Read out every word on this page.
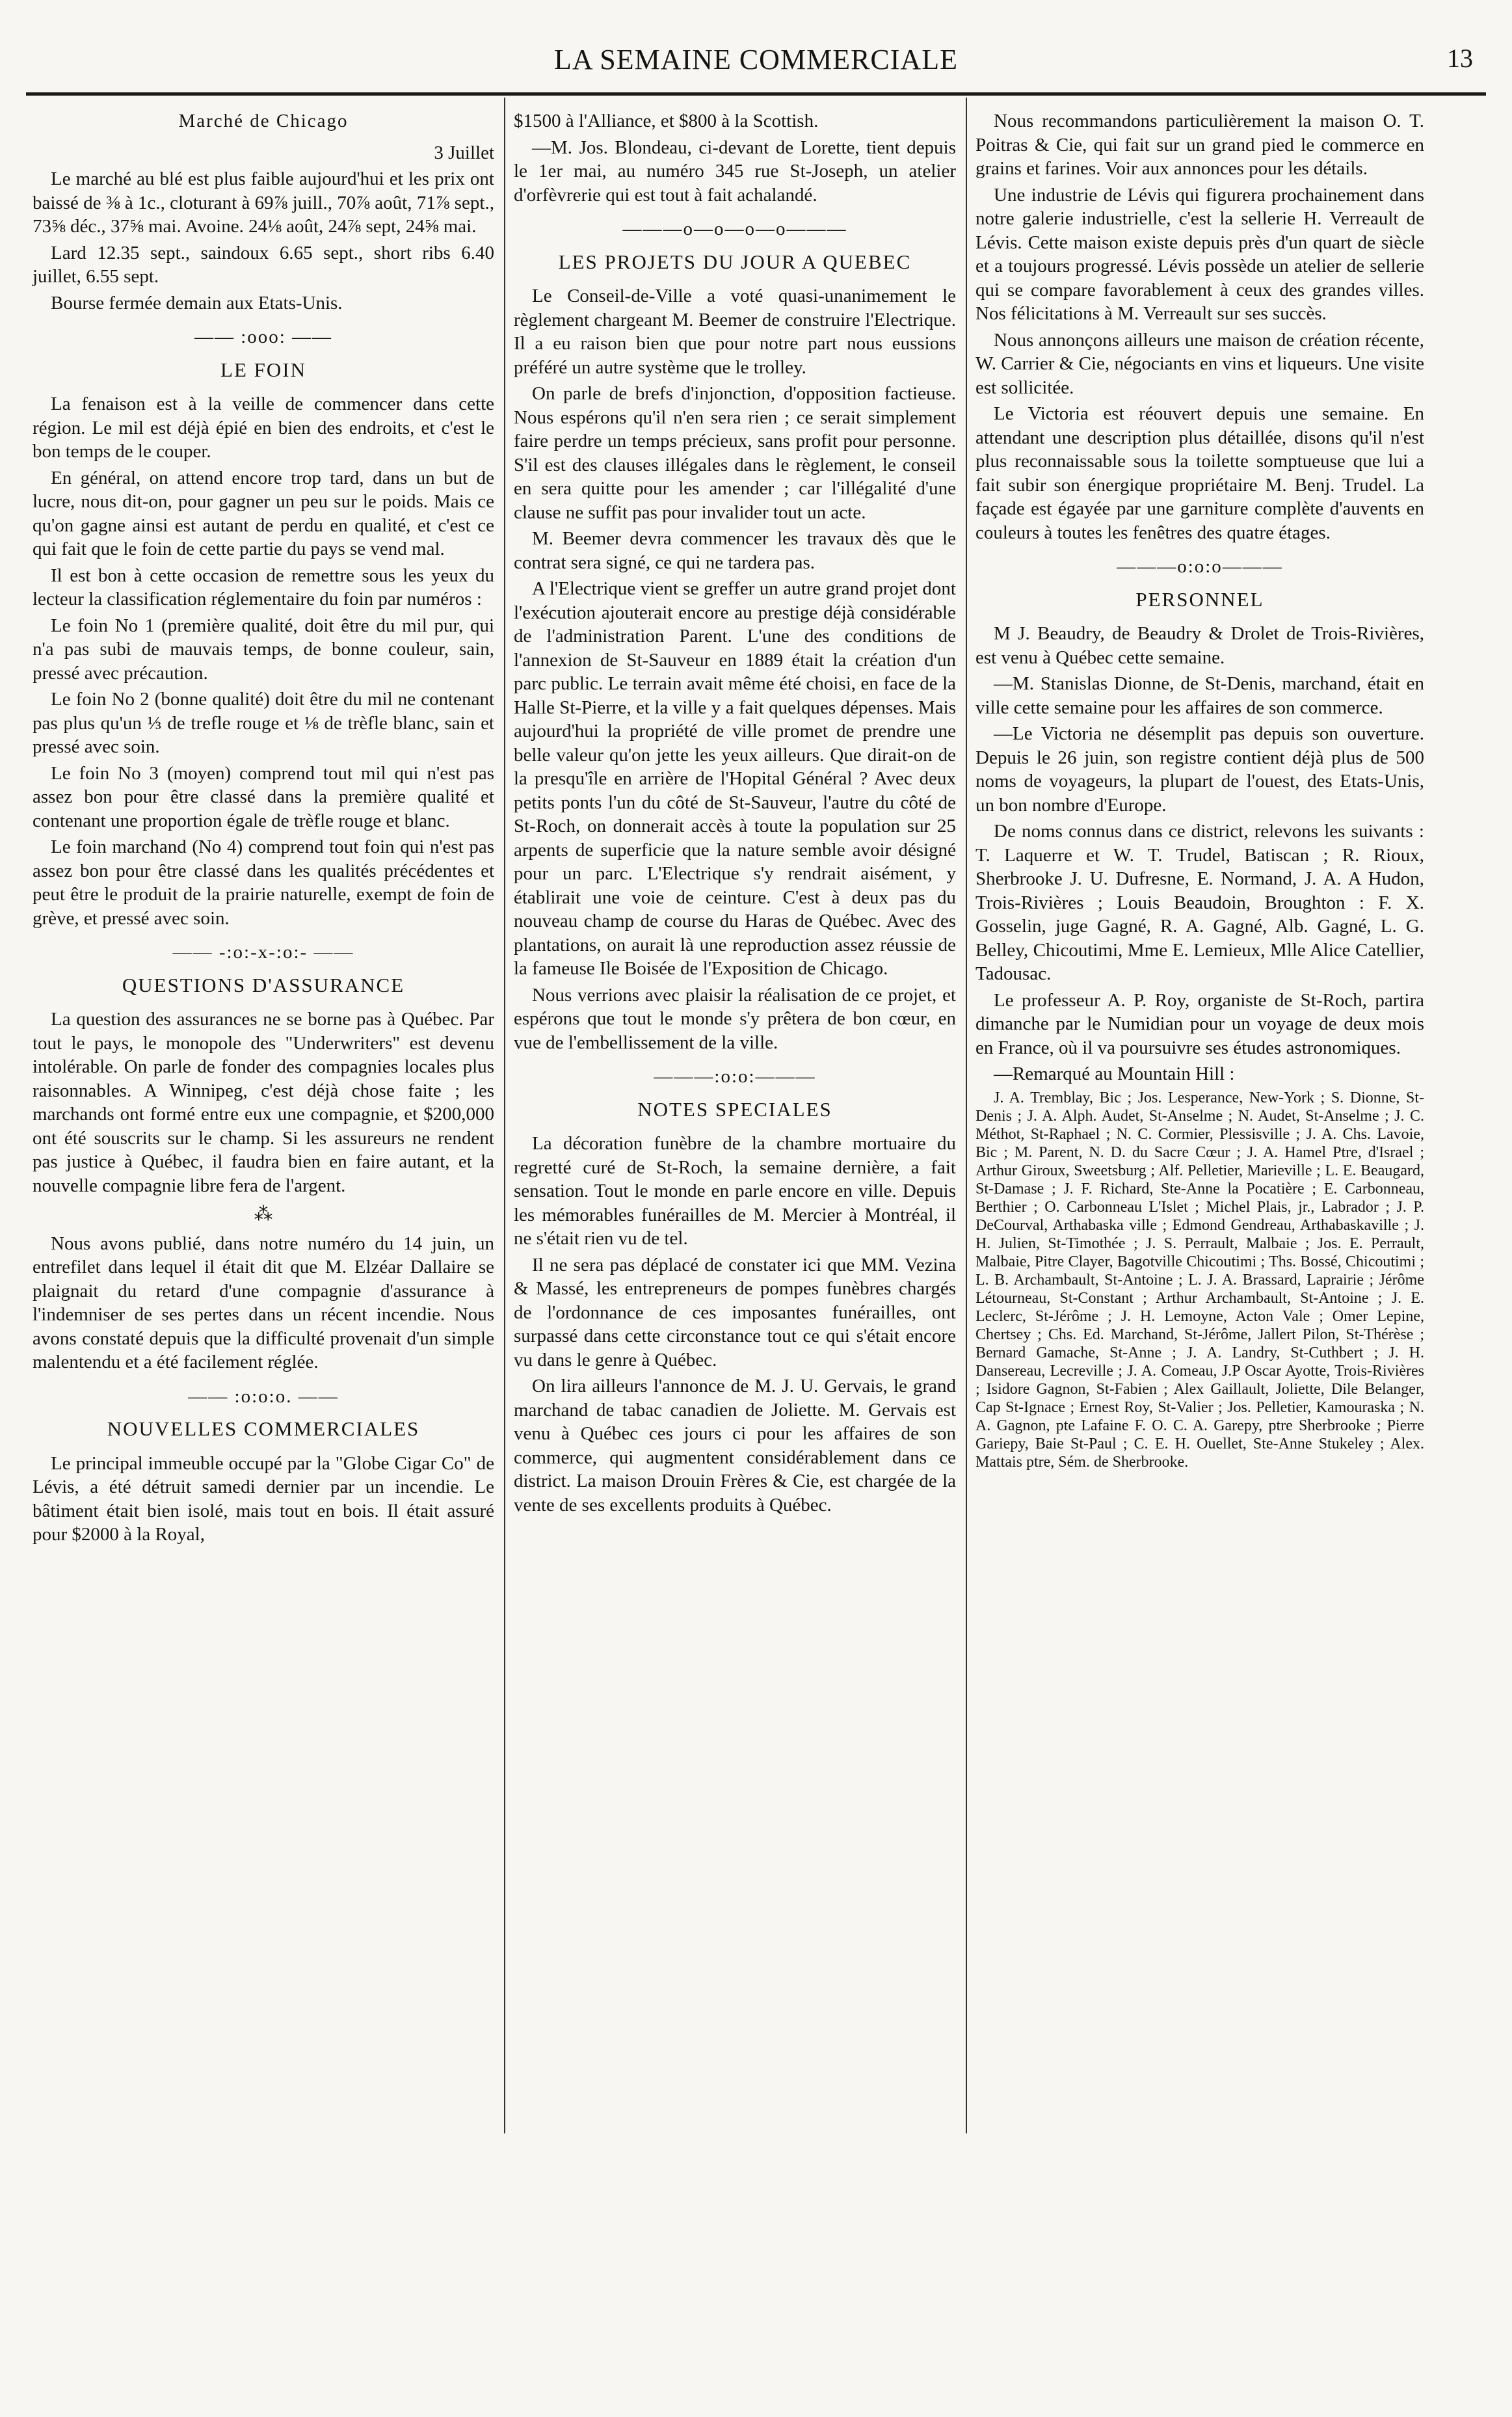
LA SEMAINE COMMERCIALE	13

Marché de Chicago

3 Juillet

Le marché au blé est plus faible aujourd'hui et les prix ont baissé de ⅜ à 1c., cloturant à 69⅞ juill., 70⅞ août, 71⅞ sept., 73⅝ déc., 37⅝ mai. Avoine. 24⅛ août, 24⅞ sept, 24⅝ mai.

Lard 12.35 sept., saindoux 6.65 sept., short ribs 6.40 juillet, 6.55 sept.

Bourse fermée demain aux Etats-Unis.

—— :ooo: ——

LE FOIN

La fenaison est à la veille de commencer dans cette région. Le mil est déjà épié en bien des endroits, et c'est le bon temps de le couper.

En général, on attend encore trop tard, dans un but de lucre, nous dit-on, pour gagner un peu sur le poids. Mais ce qu'on gagne ainsi est autant de perdu en qualité, et c'est ce qui fait que le foin de cette partie du pays se vend mal.

Il est bon à cette occasion de remettre sous les yeux du lecteur la classification réglementaire du foin par numéros :

Le foin No 1 (première qualité, doit être du mil pur, qui n'a pas subi de mauvais temps, de bonne couleur, sain, pressé avec précaution.

Le foin No 2 (bonne qualité) doit être du mil ne contenant pas plus qu'un ⅓ de trefle rouge et ⅛ de trèfle blanc, sain et pressé avec soin.

Le foin No 3 (moyen) comprend tout mil qui n'est pas assez bon pour être classé dans la première qualité et contenant une proportion égale de trèfle rouge et blanc.

Le foin marchand (No 4) comprend tout foin qui n'est pas assez bon pour être classé dans les qualités précédentes et peut être le produit de la prairie naturelle, exempt de foin de grève, et pressé avec soin.

—— -:o:-x-:o:- ——

QUESTIONS D'ASSURANCE

La question des assurances ne se borne pas à Québec. Par tout le pays, le monopole des "Underwriters" est devenu intolérable. On parle de fonder des compagnies locales plus raisonnables. A Winnipeg, c'est déjà chose faite ; les marchands ont formé entre eux une compagnie, et $200,000 ont été souscrits sur le champ. Si les assureurs ne rendent pas justice à Québec, il faudra bien en faire autant, et la nouvelle compagnie libre fera de l'argent.

⁂

Nous avons publié, dans notre numéro du 14 juin, un entrefilet dans lequel il était dit que M. Elzéar Dallaire se plaignait du retard d'une compagnie d'assurance à l'indemniser de ses pertes dans un récent incendie. Nous avons constaté depuis que la difficulté provenait d'un simple malentendu et a été facilement réglée.

—— :o:o:o. ——

NOUVELLES COMMERCIALES

Le principal immeuble occupé par la "Globe Cigar Co" de Lévis, a été détruit samedi dernier par un incendie. Le bâtiment était bien isolé, mais tout en bois. Il était assuré pour $2000 à la Royal,

$1500 à l'Alliance, et $800 à la Scottish.

—M. Jos. Blondeau, ci-devant de Lorette, tient depuis le 1er mai, au numéro 345 rue St-Joseph, un atelier d'orfèvrerie qui est tout à fait achalandé.

———o—o—o—o———

LES PROJETS DU JOUR A QUEBEC

Le Conseil-de-Ville a voté quasi-unanimement le règlement chargeant M. Beemer de construire l'Electrique. Il a eu raison bien que pour notre part nous eussions préféré un autre système que le trolley.

On parle de brefs d'injonction, d'opposition factieuse. Nous espérons qu'il n'en sera rien ; ce serait simplement faire perdre un temps précieux, sans profit pour personne. S'il est des clauses illégales dans le règlement, le conseil en sera quitte pour les amender ; car l'illégalité d'une clause ne suffit pas pour invalider tout un acte.

M. Beemer devra commencer les travaux dès que le contrat sera signé, ce qui ne tardera pas.

A l'Electrique vient se greffer un autre grand projet dont l'exécution ajouterait encore au prestige déjà considérable de l'administration Parent. L'une des conditions de l'annexion de St-Sauveur en 1889 était la création d'un parc public. Le terrain avait même été choisi, en face de la Halle St-Pierre, et la ville y a fait quelques dépenses. Mais aujourd'hui la propriété de ville promet de prendre une belle valeur qu'on jette les yeux ailleurs. Que dirait-on de la presqu'île en arrière de l'Hopital Général ? Avec deux petits ponts l'un du côté de St-Sauveur, l'autre du côté de St-Roch, on donnerait accès à toute la population sur 25 arpents de superficie que la nature semble avoir désigné pour un parc. L'Electrique s'y rendrait aisément, y établirait une voie de ceinture. C'est à deux pas du nouveau champ de course du Haras de Québec. Avec des plantations, on aurait là une reproduction assez réussie de la fameuse Ile Boisée de l'Exposition de Chicago.

Nous verrions avec plaisir la réalisation de ce projet, et espérons que tout le monde s'y prêtera de bon cœur, en vue de l'embellissement de la ville.

———:o:o:———

NOTES SPECIALES

La décoration funèbre de la chambre mortuaire du regretté curé de St-Roch, la semaine dernière, a fait sensation. Tout le monde en parle encore en ville. Depuis les mémorables funérailles de M. Mercier à Montréal, il ne s'était rien vu de tel.

Il ne sera pas déplacé de constater ici que MM. Vezina & Massé, les entrepreneurs de pompes funèbres chargés de l'ordonnance de ces imposantes funérailles, ont surpassé dans cette circonstance tout ce qui s'était encore vu dans le genre à Québec.

On lira ailleurs l'annonce de M. J. U. Gervais, le grand marchand de tabac canadien de Joliette. M. Gervais est venu à Québec ces jours ci pour les affaires de son commerce, qui augmentent considérablement dans ce district. La maison Drouin Frères & Cie, est chargée de la vente de ses excellents produits à Québec.

Nous recommandons particulièrement la maison O. T. Poitras & Cie, qui fait sur un grand pied le commerce en grains et farines. Voir aux annonces pour les détails.

Une industrie de Lévis qui figurera prochainement dans notre galerie industrielle, c'est la sellerie H. Verreault de Lévis. Cette maison existe depuis près d'un quart de siècle et a toujours progressé. Lévis possède un atelier de sellerie qui se compare favorablement à ceux des grandes villes. Nos félicitations à M. Verreault sur ses succès.

Nous annonçons ailleurs une maison de création récente, W. Carrier & Cie, négociants en vins et liqueurs. Une visite est sollicitée.

Le Victoria est réouvert depuis une semaine. En attendant une description plus détaillée, disons qu'il n'est plus reconnaissable sous la toilette somptueuse que lui a fait subir son énergique propriétaire M. Benj. Trudel. La façade est égayée par une garniture complète d'auvents en couleurs à toutes les fenêtres des quatre étages.

———o:o:o———

PERSONNEL

M J. Beaudry, de Beaudry & Drolet de Trois-Rivières, est venu à Québec cette semaine.

—M. Stanislas Dionne, de St-Denis, marchand, était en ville cette semaine pour les affaires de son commerce.

—Le Victoria ne désemplit pas depuis son ouverture. Depuis le 26 juin, son registre contient déjà plus de 500 noms de voyageurs, la plupart de l'ouest, des Etats-Unis, un bon nombre d'Europe.

De noms connus dans ce district, relevons les suivants : T. Laquerre et W. T. Trudel, Batiscan ; R. Rioux, Sherbrooke J. U. Dufresne, E. Normand, J. A. A Hudon, Trois-Rivières ; Louis Beaudoin, Broughton : F. X. Gosselin, juge Gagné, R. A. Gagné, Alb. Gagné, L. G. Belley, Chicoutimi, Mme E. Lemieux, Mlle Alice Catellier, Tadousac.

Le professeur A. P. Roy, organiste de St-Roch, partira dimanche par le Numidian pour un voyage de deux mois en France, où il va poursuivre ses études astronomiques.

—Remarqué au Mountain Hill :

J. A. Tremblay, Bic ; Jos. Lesperance, New-York ; S. Dionne, St-Denis ; J. A. Alph. Audet, St-Anselme ; N. Audet, St-Anselme ; J. C. Méthot, St-Raphael ; N. C. Cormier, Plessisville ; J. A. Chs. Lavoie, Bic ; M. Parent, N. D. du Sacre Cœur ; J. A. Hamel Ptre, d'Israel ; Arthur Giroux, Sweetsburg ; Alf. Pelletier, Marieville ; L. E. Beaugard, St-Damase ; J. F. Richard, Ste-Anne la Pocatière ; E. Carbonneau, Berthier ; O. Carbonneau L'Islet ; Michel Plais, jr., Labrador ; J. P. DeCourval, Arthabaska ville ; Edmond Gendreau, Arthabaskaville ; J. H. Julien, St-Timothée ; J. S. Perrault, Malbaie ; Jos. E. Perrault, Malbaie, Pitre Clayer, Bagotville Chicoutimi ; Ths. Bossé, Chicoutimi ; L. B. Archambault, St-Antoine ; L. J. A. Brassard, Laprairie ; Jérôme Létourneau, St-Constant ; Arthur Archambault, St-Antoine ; J. E. Leclerc, St-Jérôme ; J. H. Lemoyne, Acton Vale ; Omer Lepine, Chertsey ; Chs. Ed. Marchand, St-Jérôme, Jallert Pilon, St-Thérèse ; Bernard Gamache, St-Anne ; J. A. Landry, St-Cuthbert ; J. H. Dansereau, Lecreville ; J. A. Comeau, J.P Oscar Ayotte, Trois-Rivières ; Isidore Gagnon, St-Fabien ; Alex Gaillault, Joliette, Dile Belanger, Cap St-Ignace ; Ernest Roy, St-Valier ; Jos. Pelletier, Kamouraska ; N. A. Gagnon, pte Lafaine F. O. C. A. Garepy, ptre Sherbrooke ; Pierre Gariepy, Baie St-Paul ; C. E. H. Ouellet, Ste-Anne Stukeley ; Alex. Mattais ptre, Sém. de Sherbrooke.
